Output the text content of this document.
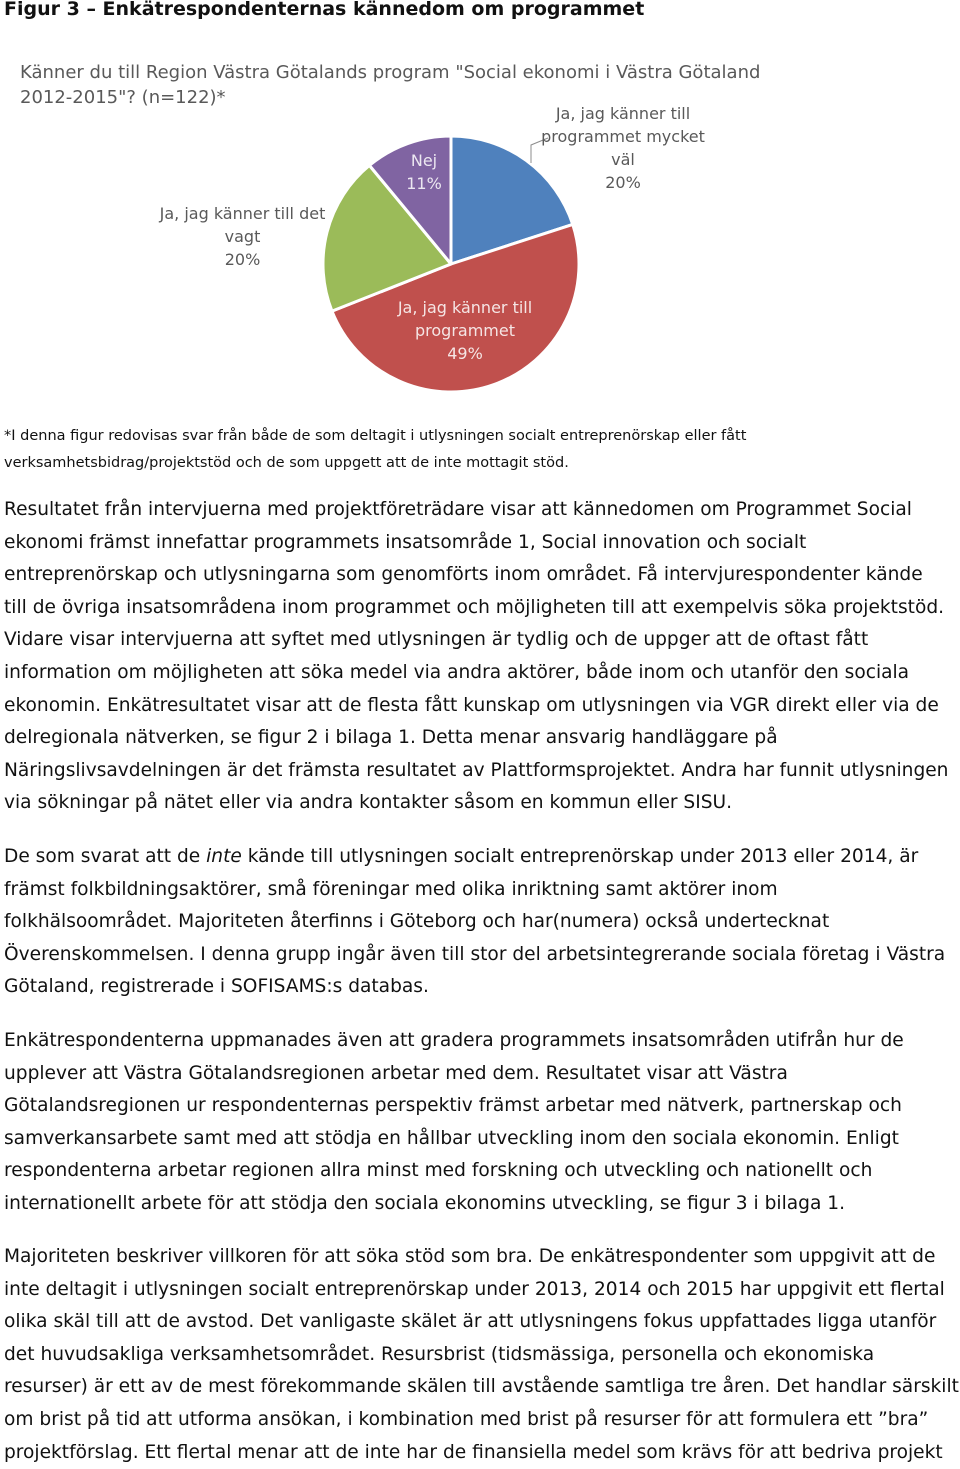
Figur 3 – Enkätrespondenternas kännedom om programmet
Känner du till Region Västra Götalands program "Social ekonomi i Västra Götaland
2012-2015"? (n=122)*
Ja, jag känner till
programmet mycket
väl
20%
Ja, jag känner till
programmet
49%
Ja, jag känner till det
vagt
20%
Nej
11%
*I denna figur redovisas svar från både de som deltagit i utlysningen socialt entreprenörskap eller fått
verksamhetsbidrag/projektstöd och de som uppgett att de inte mottagit stöd.
Resultatet från intervjuerna med projektföreträdare visar att kännedomen om Programmet Social
ekonomi främst innefattar programmets insatsområde 1, Social innovation och socialt
entreprenörskap och utlysningarna som genomförts inom området. Få intervjurespondenter kände
till de övriga insatsområdena inom programmet och möjligheten till att exempelvis söka projektstöd.
Vidare visar intervjuerna att syftet med utlysningen är tydlig och de uppger att de oftast fått
information om möjligheten att söka medel via andra aktörer, både inom och utanför den sociala
ekonomin. Enkätresultatet visar att de flesta fått kunskap om utlysningen via VGR direkt eller via de
delregionala nätverken, se figur 2 i bilaga 1. Detta menar ansvarig handläggare på
Näringslivsavdelningen är det främsta resultatet av Plattformsprojektet. Andra har funnit utlysningen
via sökningar på nätet eller via andra kontakter såsom en kommun eller SISU.
De som svarat att de inte kände till utlysningen socialt entreprenörskap under 2013 eller 2014, är
främst folkbildningsaktörer, små föreningar med olika inriktning samt aktörer inom
folkhälsoområdet. Majoriteten återfinns i Göteborg och har(numera) också undertecknat
Överenskommelsen. I denna grupp ingår även till stor del arbetsintegrerande sociala företag i Västra
Götaland, registrerade i SOFISAMS:s databas.
Enkätrespondenterna uppmanades även att gradera programmets insatsområden utifrån hur de
upplever att Västra Götalandsregionen arbetar med dem. Resultatet visar att Västra
Götalandsregionen ur respondenternas perspektiv främst arbetar med nätverk, partnerskap och
samverkansarbete samt med att stödja en hållbar utveckling inom den sociala ekonomin. Enligt
respondenterna arbetar regionen allra minst med forskning och utveckling och nationellt och
internationellt arbete för att stödja den sociala ekonomins utveckling, se figur 3 i bilaga 1.
Majoriteten beskriver villkoren för att söka stöd som bra. De enkätrespondenter som uppgivit att de
inte deltagit i utlysningen socialt entreprenörskap under 2013, 2014 och 2015 har uppgivit ett flertal
olika skäl till att de avstod. Det vanligaste skälet är att utlysningens fokus uppfattades ligga utanför
det huvudsakliga verksamhetsområdet. Resursbrist (tidsmässiga, personella och ekonomiska
resurser) är ett av de mest förekommande skälen till avstående samtliga tre åren. Det handlar särskilt
om brist på tid att utforma ansökan, i kombination med brist på resurser för att formulera ett ”bra”
projektförslag. Ett flertal menar att de inte har de finansiella medel som krävs för att bedriva projekt
